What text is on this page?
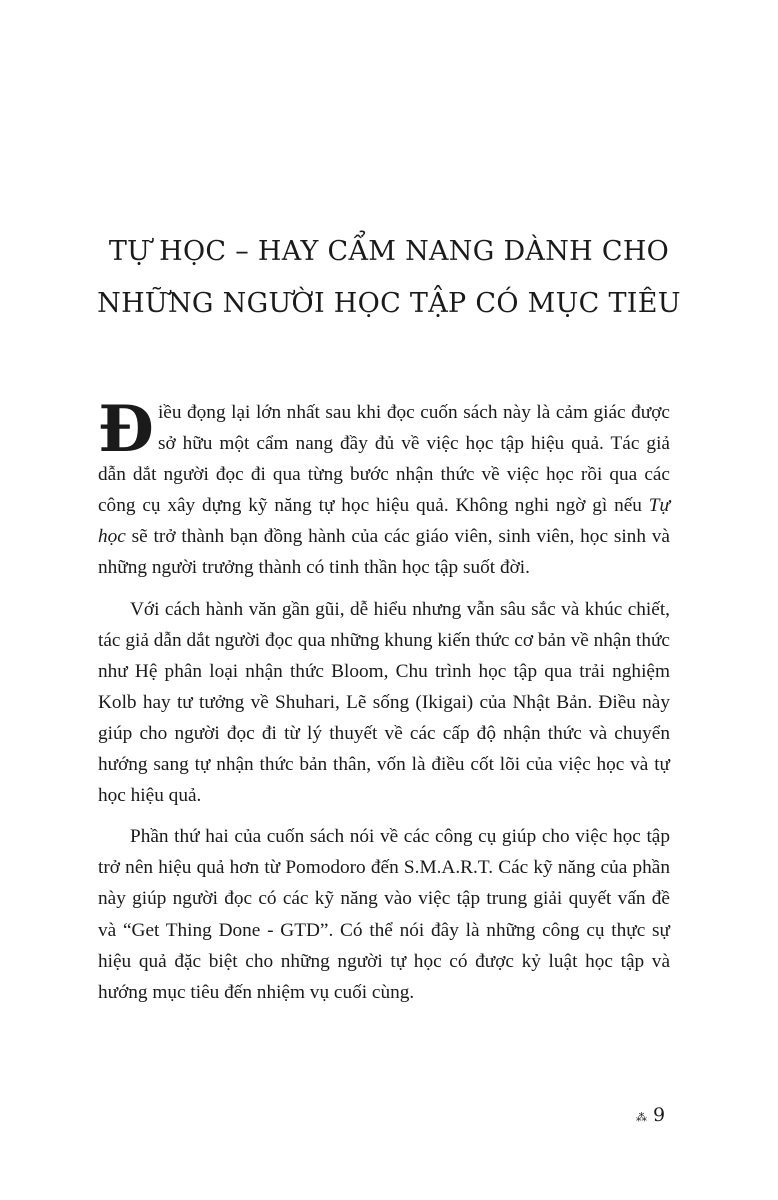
TỰ HỌC – HAY CẨM NANG DÀNH CHO
NHỮNG NGƯỜI HỌC TẬP CÓ MỤC TIÊU

Điều đọng lại lớn nhất sau khi đọc cuốn sách này là cảm giác được sở hữu một cẩm nang đầy đủ về việc học tập hiệu quả. Tác giả dẫn dắt người đọc đi qua từng bước nhận thức về việc học rồi qua các công cụ xây dựng kỹ năng tự học hiệu quả. Không nghi ngờ gì nếu Tự học sẽ trở thành bạn đồng hành của các giáo viên, sinh viên, học sinh và những người trưởng thành có tinh thần học tập suốt đời.

Với cách hành văn gần gũi, dễ hiểu nhưng vẫn sâu sắc và khúc chiết, tác giả dẫn dắt người đọc qua những khung kiến thức cơ bản về nhận thức như Hệ phân loại nhận thức Bloom, Chu trình học tập qua trải nghiệm Kolb hay tư tưởng về Shuhari, Lẽ sống (Ikigai) của Nhật Bản. Điều này giúp cho người đọc đi từ lý thuyết về các cấp độ nhận thức và chuyển hướng sang tự nhận thức bản thân, vốn là điều cốt lõi của việc học và tự học hiệu quả.

Phần thứ hai của cuốn sách nói về các công cụ giúp cho việc học tập trở nên hiệu quả hơn từ Pomodoro đến S.M.A.R.T. Các kỹ năng của phần này giúp người đọc có các kỹ năng vào việc tập trung giải quyết vấn đề và “Get Thing Done - GTD”. Có thể nói đây là những công cụ thực sự hiệu quả đặc biệt cho những người tự học có được kỷ luật học tập và hướng mục tiêu đến nhiệm vụ cuối cùng.

⁂ 9
